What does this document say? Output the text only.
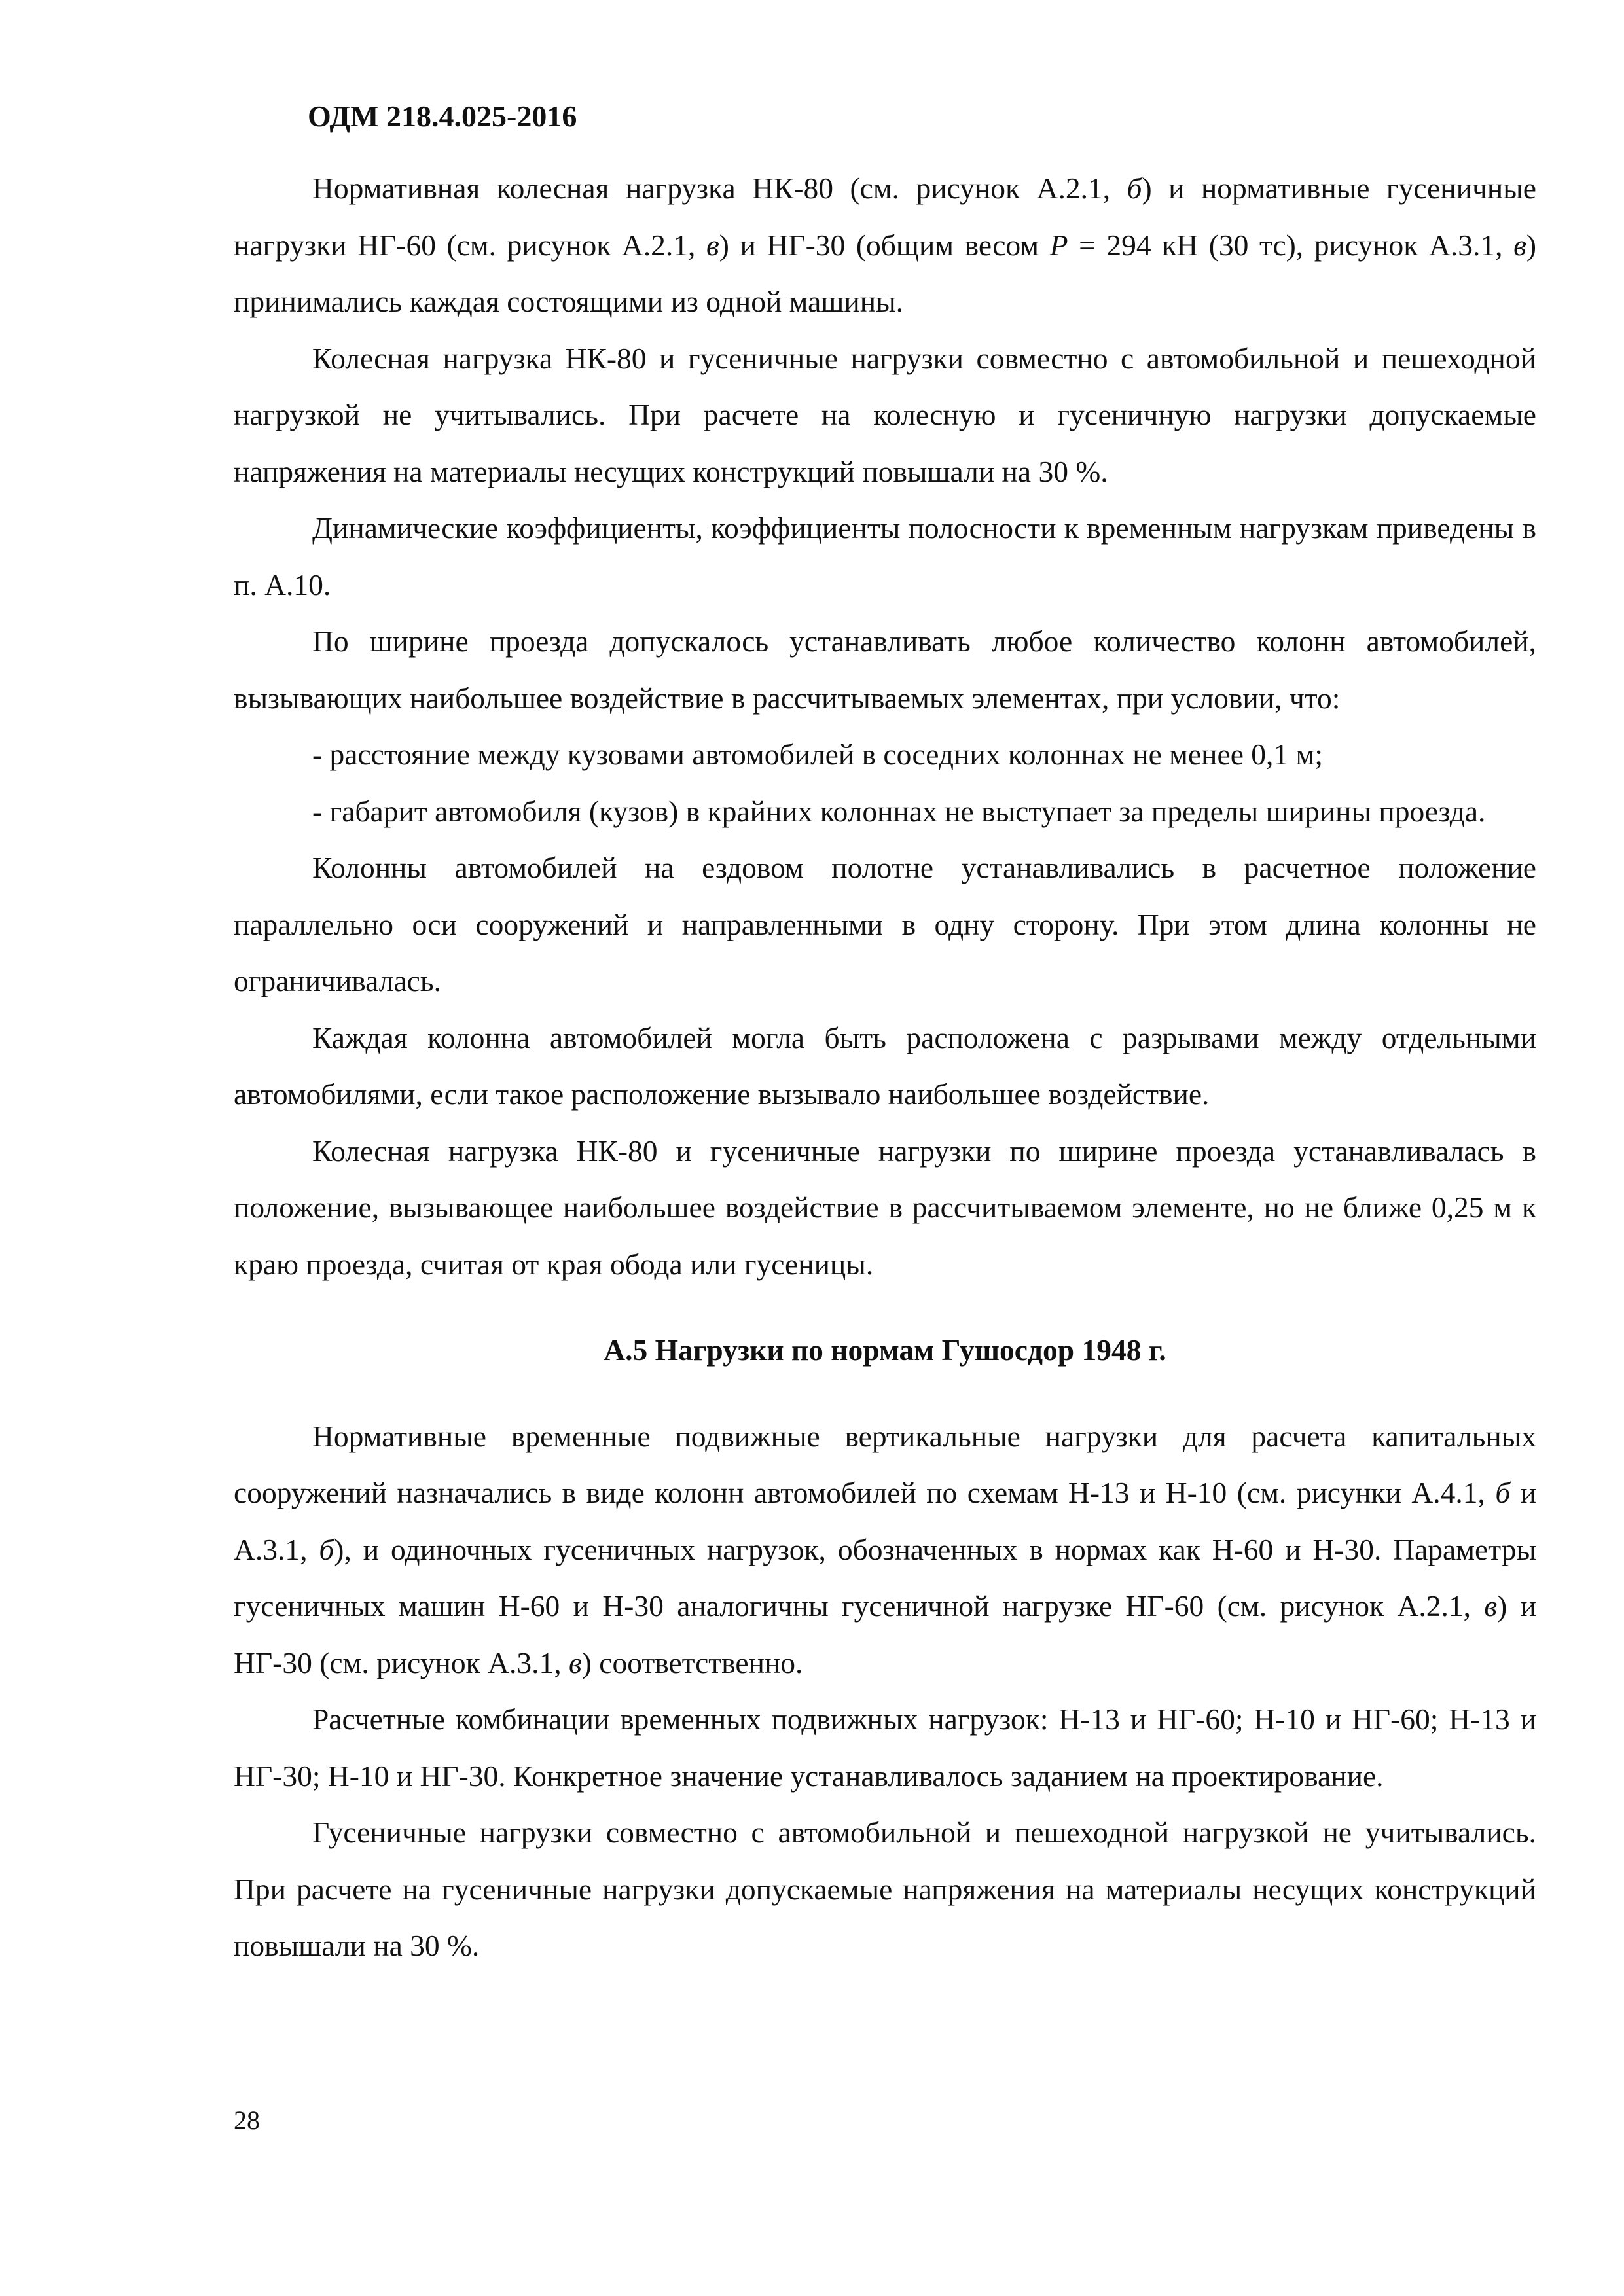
ОДМ 218.4.025-2016

Нормативная колесная нагрузка НК-80 (см. рисунок А.2.1, б) и нормативные гусеничные нагрузки НГ-60 (см. рисунок А.2.1, в) и НГ-30 (общим весом Р = 294 кН (30 тс), рисунок А.3.1, в) принимались каждая состоящими из одной машины.

Колесная нагрузка НК-80 и гусеничные нагрузки совместно с автомобильной и пешеходной нагрузкой не учитывались. При расчете на колесную и гусеничную нагрузки допускаемые напряжения на материалы несущих конструкций повышали на 30 %.

Динамические коэффициенты, коэффициенты полосности к временным нагрузкам приведены в п. А.10.

По ширине проезда допускалось устанавливать любое количество колонн автомобилей, вызывающих наибольшее воздействие в рассчитываемых элементах, при условии, что:

- расстояние между кузовами автомобилей в соседних колоннах не менее 0,1 м;

- габарит автомобиля (кузов) в крайних колоннах не выступает за пределы ширины проезда.

Колонны автомобилей на ездовом полотне устанавливались в расчетное положение параллельно оси сооружений и направленными в одну сторону. При этом длина колонны не ограничивалась.

Каждая колонна автомобилей могла быть расположена с разрывами между отдельными автомобилями, если такое расположение вызывало наибольшее воздействие.

Колесная нагрузка НК-80 и гусеничные нагрузки по ширине проезда устанавливалась в положение, вызывающее наибольшее воздействие в рассчитываемом элементе, но не ближе 0,25 м к краю проезда, считая от края обода или гусеницы.

А.5 Нагрузки по нормам Гушосдор 1948 г.

Нормативные временные подвижные вертикальные нагрузки для расчета капитальных сооружений назначались в виде колонн автомобилей по схемам Н-13 и Н-10 (см. рисунки А.4.1, б и А.3.1, б), и одиночных гусеничных нагрузок, обозначенных в нормах как Н-60 и Н-30. Параметры гусеничных машин Н-60 и Н-30 аналогичны гусеничной нагрузке НГ-60 (см. рисунок А.2.1, в) и НГ-30 (см. рисунок А.3.1, в) соответственно.

Расчетные комбинации временных подвижных нагрузок: Н-13 и НГ-60; Н-10 и НГ-60; Н-13 и НГ-30; Н-10 и НГ-30. Конкретное значение устанавливалось заданием на проектирование.

Гусеничные нагрузки совместно с автомобильной и пешеходной нагрузкой не учитывались. При расчете на гусеничные нагрузки допускаемые напряжения на материалы несущих конструкций повышали на 30 %.

28
